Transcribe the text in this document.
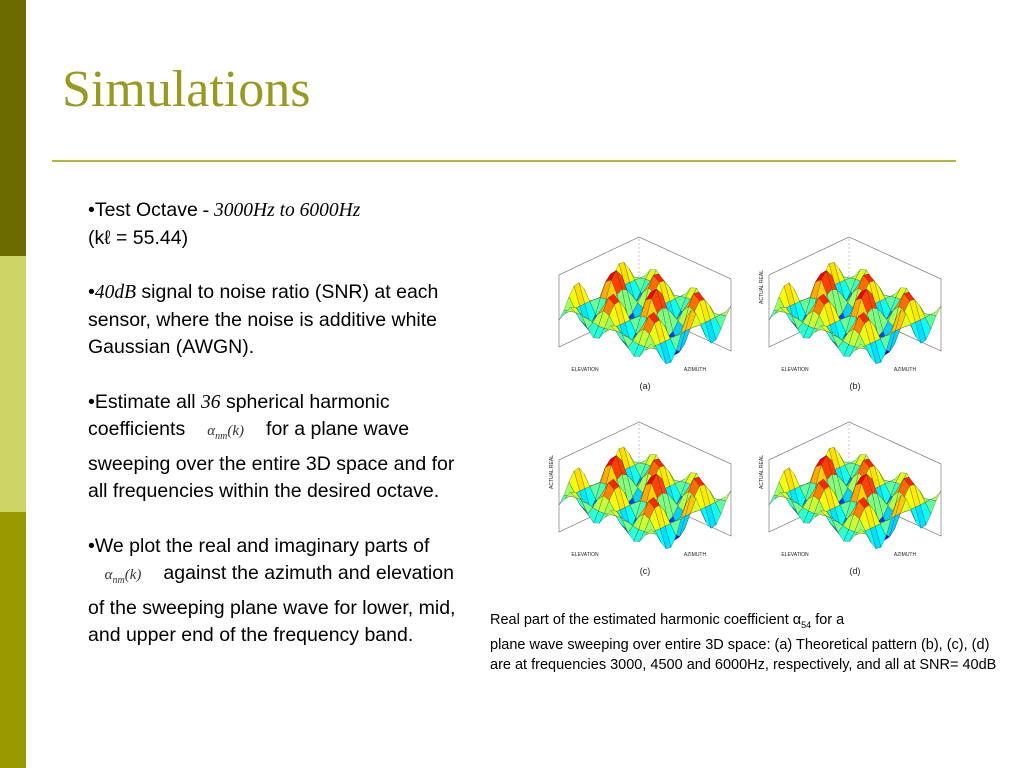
Simulations
•Test Octave - 3000Hz to 6000Hz
(kℓ = 55.44)
•40dB signal to noise ratio (SNR) at each sensor, where the noise is additive white Gaussian (AWGN).
•Estimate all 36 spherical harmonic coefficients $\alpha_{nm}(k)$ for a plane wave sweeping over the entire 3D space and for all frequencies within the desired octave.
•We plot the real and imaginary parts of $\alpha_{nm}(k)$ against the azimuth and elevation of the sweeping plane wave for lower, mid,
and upper end of the frequency band.
ELEVATION	AZIMUTH
(a)
ELEVATION	AZIMUTH
ACTUAL REAL
(b)
ELEVATION	AZIMUTH
ACTUAL REAL
(c)
ELEVATION	AZIMUTH
ACTUAL REAL
(d)
Real part of the estimated harmonic coefficient $\alpha_{54}$ for a
plane wave sweeping over entire 3D space: (a) Theoretical pattern (b), (c), (d) are at frequencies 3000, 4500 and 6000Hz, respectively, and all at SNR= 40dB
